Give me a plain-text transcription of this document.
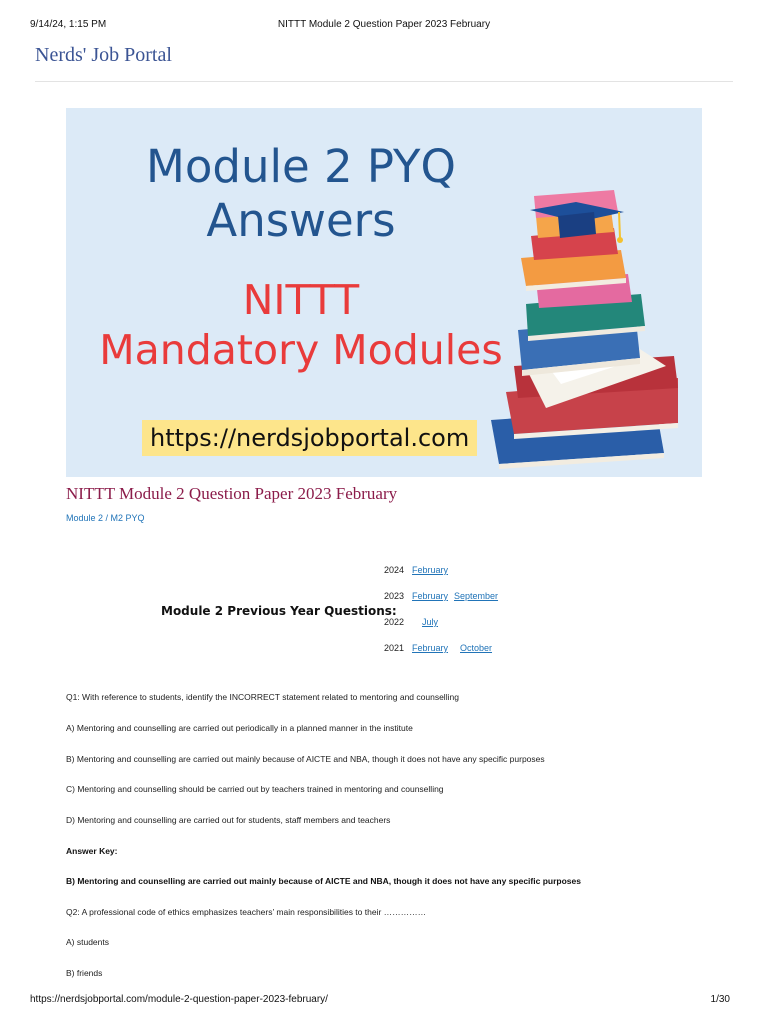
9/14/24, 1:15 PM	NITTT Module 2 Question Paper 2023 February
Nerds' Job Portal
Module 2 PYQ
Answers
NITTT
Mandatory Modules
https://nerdsjobportal.com
NITTT Module 2 Question Paper 2023 February
Module 2 / M2 PYQ
Module 2 Previous Year Questions:
2024 February
2023 February September
2022 July
2021 February October
Q1: With reference to students, identify the INCORRECT statement related to mentoring and counselling
A) Mentoring and counselling are carried out periodically in a planned manner in the institute
B) Mentoring and counselling are carried out mainly because of AICTE and NBA, though it does not have any specific purposes
C) Mentoring and counselling should be carried out by teachers trained in mentoring and counselling
D) Mentoring and counselling are carried out for students, staff members and teachers
Answer Key:
B) Mentoring and counselling are carried out mainly because of AICTE and NBA, though it does not have any specific purposes
Q2: A professional code of ethics emphasizes teachers’ main responsibilities to their ……………
A) students
B) friends
https://nerdsjobportal.com/module-2-question-paper-2023-february/	1/30
